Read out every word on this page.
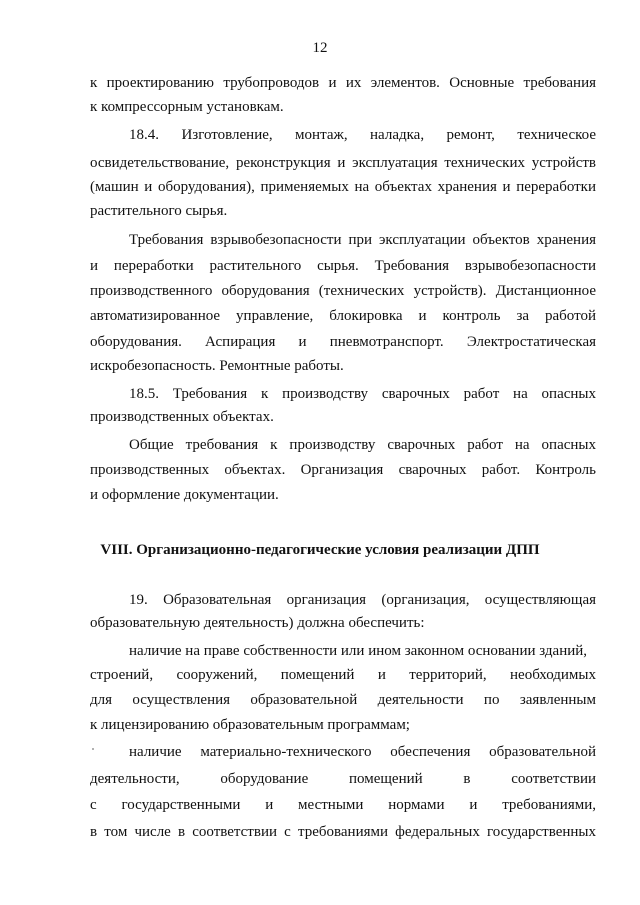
12
к проектированию трубопроводов и их элементов. Основные требования
к компрессорным установкам.
18.4. Изготовление, монтаж, наладка, ремонт, техническое
освидетельствование, реконструкция и эксплуатация технических устройств
(машин и оборудования), применяемых на объектах хранения и переработки
растительного сырья.
Требования взрывобезопасности при эксплуатации объектов хранения
и переработки растительного сырья. Требования взрывобезопасности
производственного оборудования (технических устройств). Дистанционное
автоматизированное управление, блокировка и контроль за работой
оборудования. Аспирация и пневмотранспорт. Электростатическая
искробезопасность. Ремонтные работы.
18.5. Требования к производству сварочных работ на опасных
производственных объектах.
Общие требования к производству сварочных работ на опасных
производственных объектах. Организация сварочных работ. Контроль
и оформление документации.
VIII. Организационно-педагогические условия реализации ДПП
19. Образовательная организация (организация, осуществляющая
образовательную деятельность) должна обеспечить:
наличие на праве собственности или ином законном основании зданий,
строений, сооружений, помещений и территорий, необходимых
для осуществления образовательной деятельности по заявленным
к лицензированию образовательным программам;
наличие материально-технического обеспечения образовательной
деятельности, оборудование помещений в соответствии
с государственными и местными нормами и требованиями,
в том числе в соответствии с требованиями федеральных государственных
